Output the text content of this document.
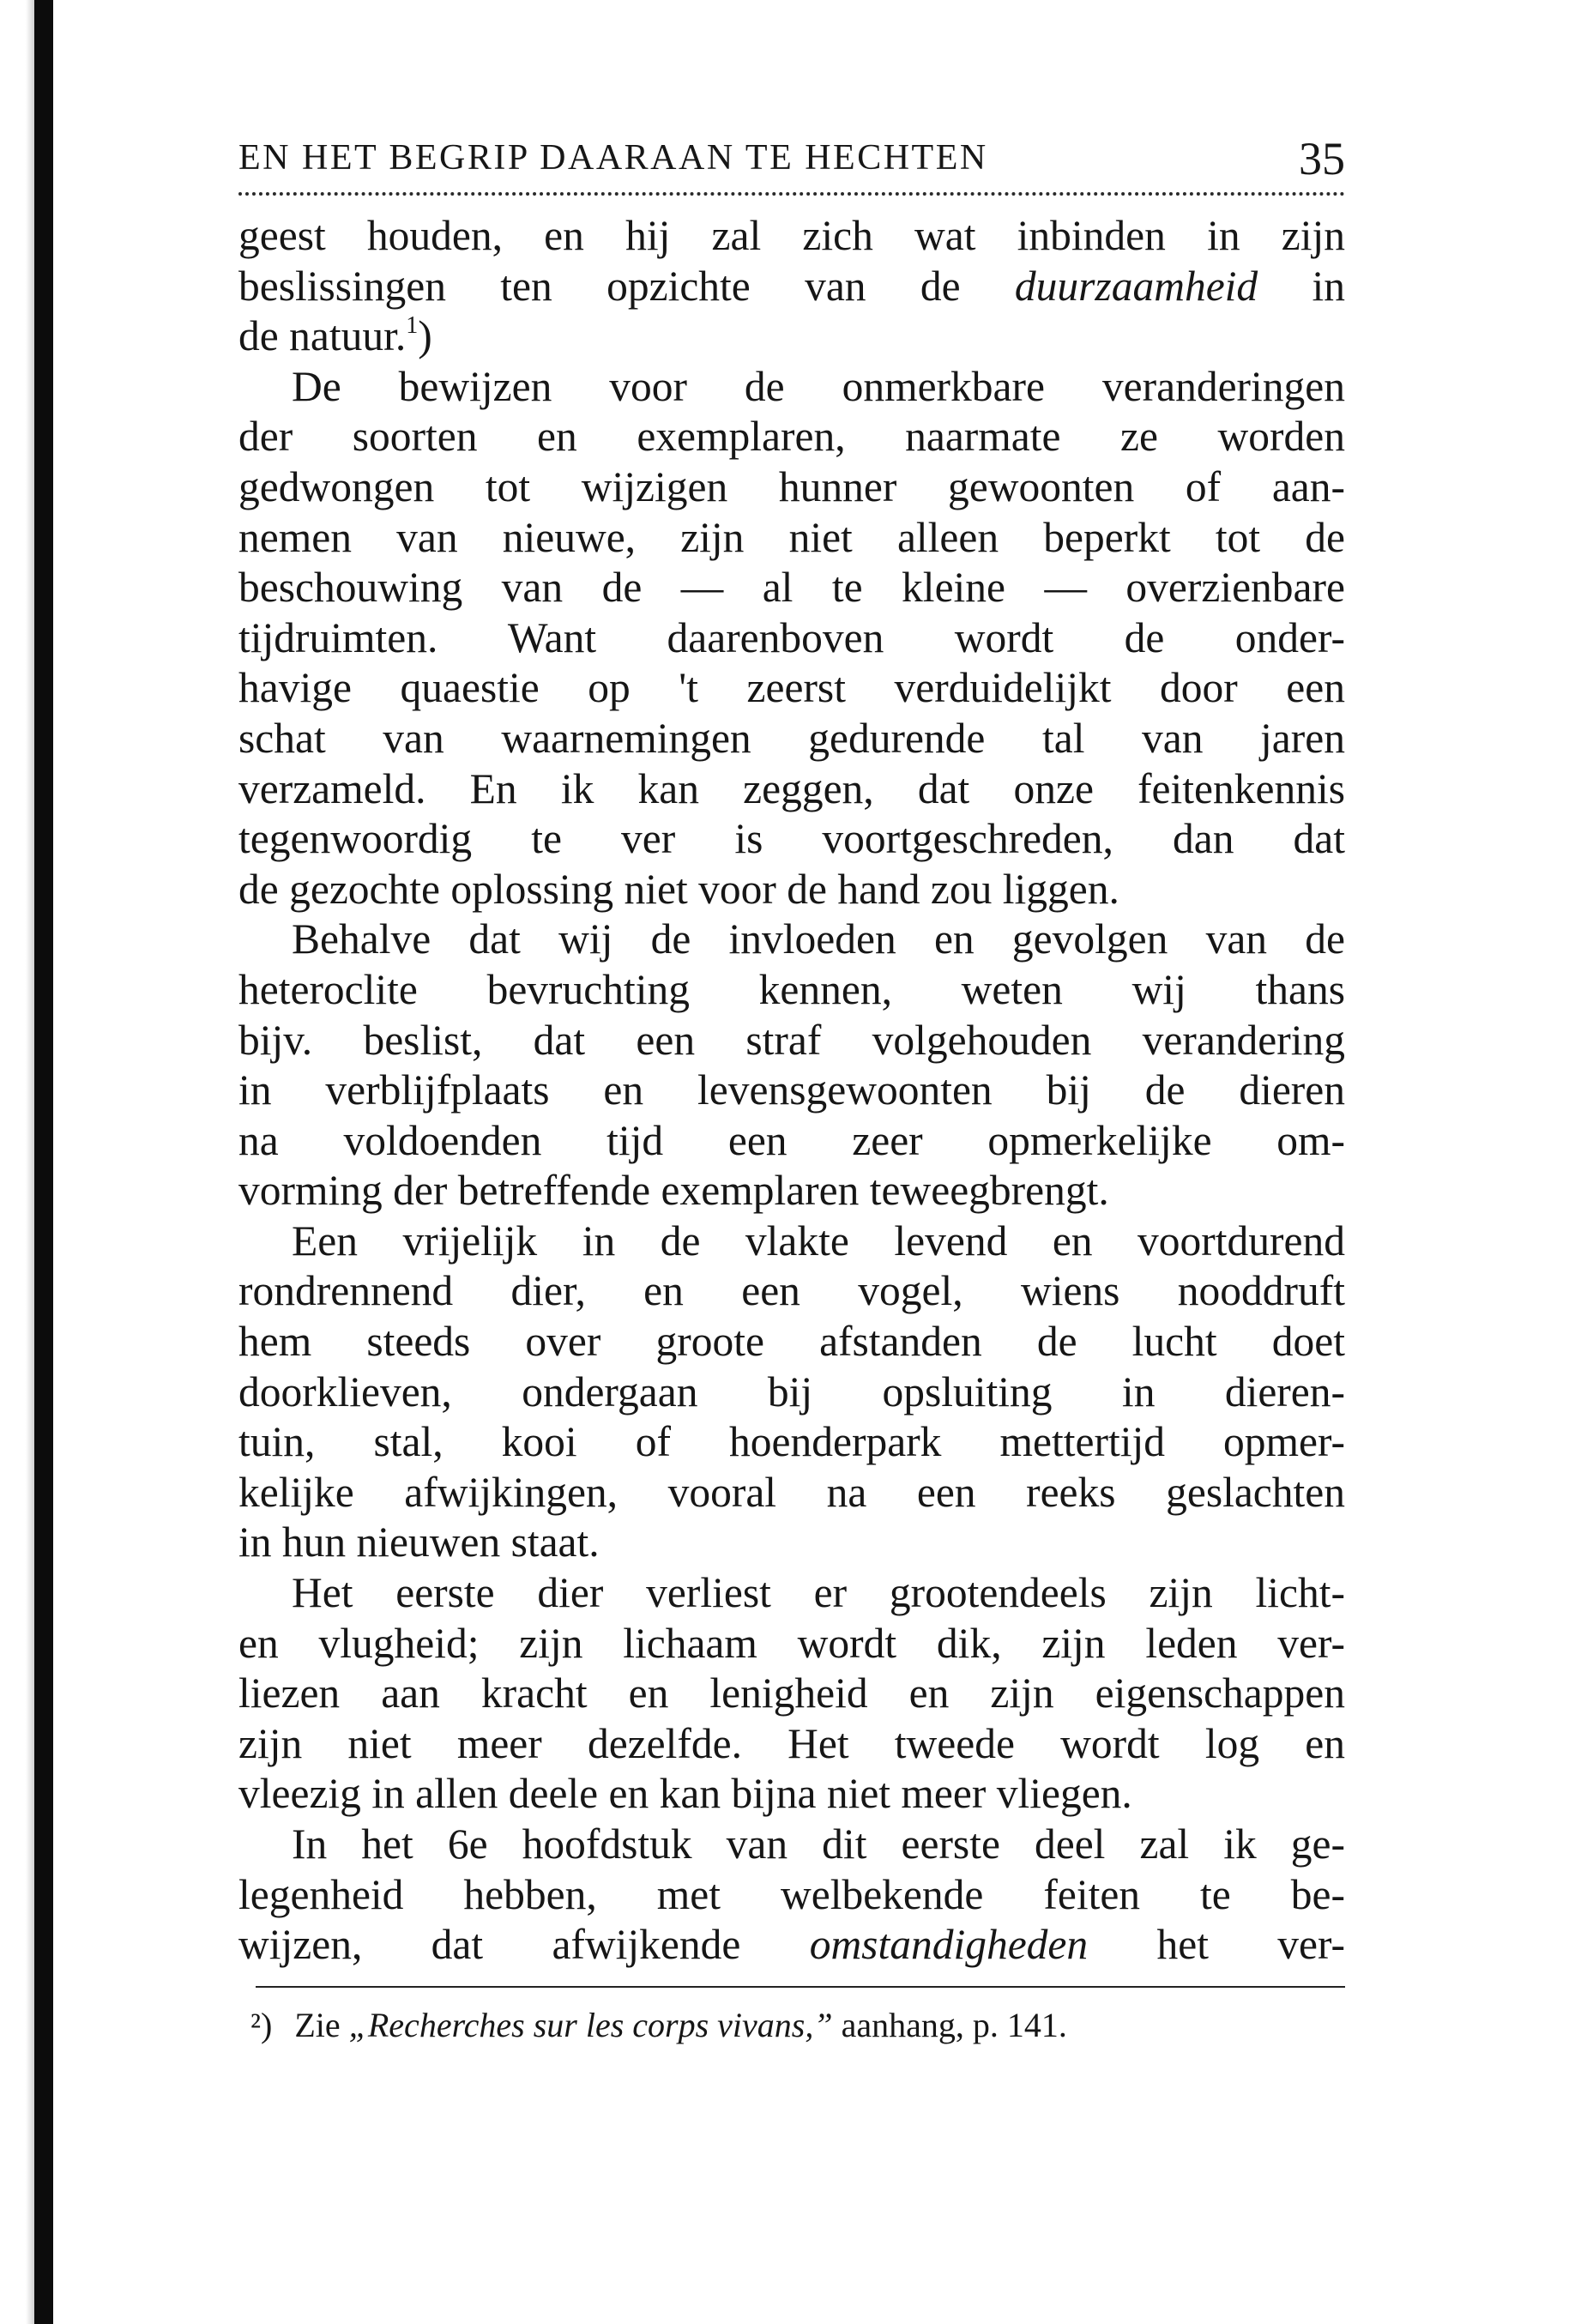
EN HET BEGRIP DAARAAN TE HECHTEN	35
geest houden, en hij zal zich wat inbinden in zijn
beslissingen ten opzichte van de duurzaamheid in
de natuur.$^1$)
De bewijzen voor de onmerkbare veranderingen
der soorten en exemplaren, naarmate ze worden
gedwongen tot wijzigen hunner gewoonten of aan-
nemen van nieuwe, zijn niet alleen beperkt tot de
beschouwing van de — al te kleine — overzienbare
tijdruimten. Want daarenboven wordt de onder-
havige quaestie op 't zeerst verduidelijkt door een
schat van waarnemingen gedurende tal van jaren
verzameld. En ik kan zeggen, dat onze feitenkennis
tegenwoordig te ver is voortgeschreden, dan dat
de gezochte oplossing niet voor de hand zou liggen.
Behalve dat wij de invloeden en gevolgen van de
heteroclite bevruchting kennen, weten wij thans
bijv. beslist, dat een straf volgehouden verandering
in verblijfplaats en levensgewoonten bij de dieren
na voldoenden tijd een zeer opmerkelijke om-
vorming der betreffende exemplaren teweegbrengt.
Een vrijelijk in de vlakte levend en voortdurend
rondrennend dier, en een vogel, wiens nooddruft
hem steeds over groote afstanden de lucht doet
doorklieven, ondergaan bij opsluiting in dieren-
tuin, stal, kooi of hoenderpark mettertijd opmer-
kelijke afwijkingen, vooral na een reeks geslachten
in hun nieuwen staat.
Het eerste dier verliest er grootendeels zijn licht-
en vlugheid; zijn lichaam wordt dik, zijn leden ver-
liezen aan kracht en lenigheid en zijn eigenschappen
zijn niet meer dezelfde. Het tweede wordt log en
vleezig in allen deele en kan bijna niet meer vliegen.
In het 6e hoofdstuk van dit eerste deel zal ik ge-
legenheid hebben, met welbekende feiten te be-
wijzen, dat afwijkende omstandigheden het ver-
²) Zie „Recherches sur les corps vivans,” aanhang, p. 141.
